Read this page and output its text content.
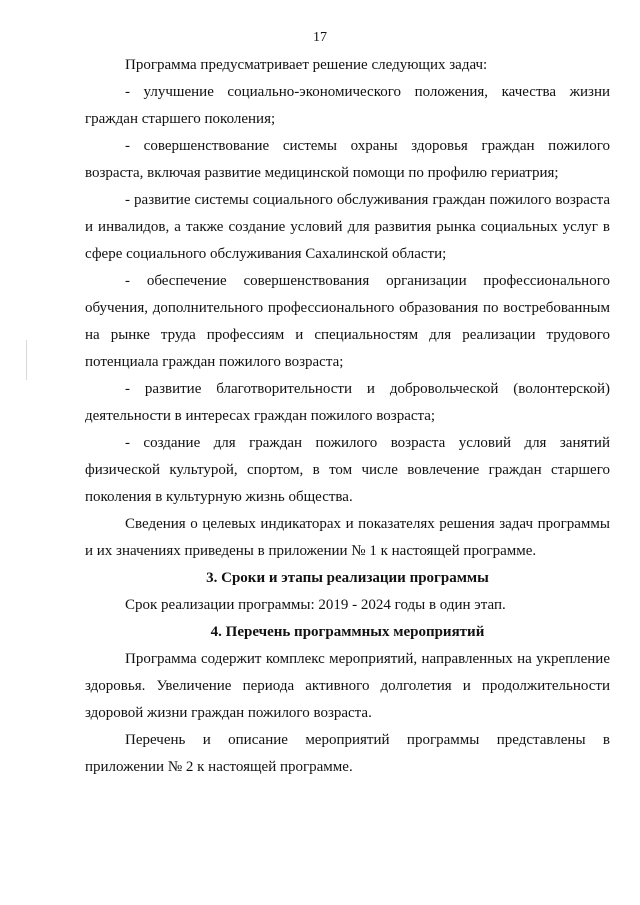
17

Программа предусматривает решение следующих задач:

- улучшение социально-экономического положения, качества жизни граждан старшего поколения;

- совершенствование системы охраны здоровья граждан пожилого возраста, включая развитие медицинской помощи по профилю гериатрия;

- развитие системы социального обслуживания граждан пожилого возраста и инвалидов, а также создание условий для развития рынка социальных услуг в сфере социального обслуживания Сахалинской области;

- обеспечение совершенствования организации профессионального обучения, дополнительного профессионального образования по востребованным на рынке труда профессиям и специальностям для реализации трудового потенциала граждан пожилого возраста;

- развитие благотворительности и добровольческой (волонтерской) деятельности в интересах граждан пожилого возраста;

- создание для граждан пожилого возраста условий для занятий физической культурой, спортом, в том числе вовлечение граждан старшего поколения в культурную жизнь общества.

Сведения о целевых индикаторах и показателях решения задач программы и их значениях приведены в приложении № 1 к настоящей программе.

3. Сроки и этапы реализации программы

Срок реализации программы: 2019 - 2024 годы в один этап.

4. Перечень программных мероприятий

Программа содержит комплекс мероприятий, направленных на укрепление здоровья. Увеличение периода активного долголетия и продолжительности здоровой жизни граждан пожилого возраста.

Перечень и описание мероприятий программы представлены в приложении № 2 к настоящей программе.
